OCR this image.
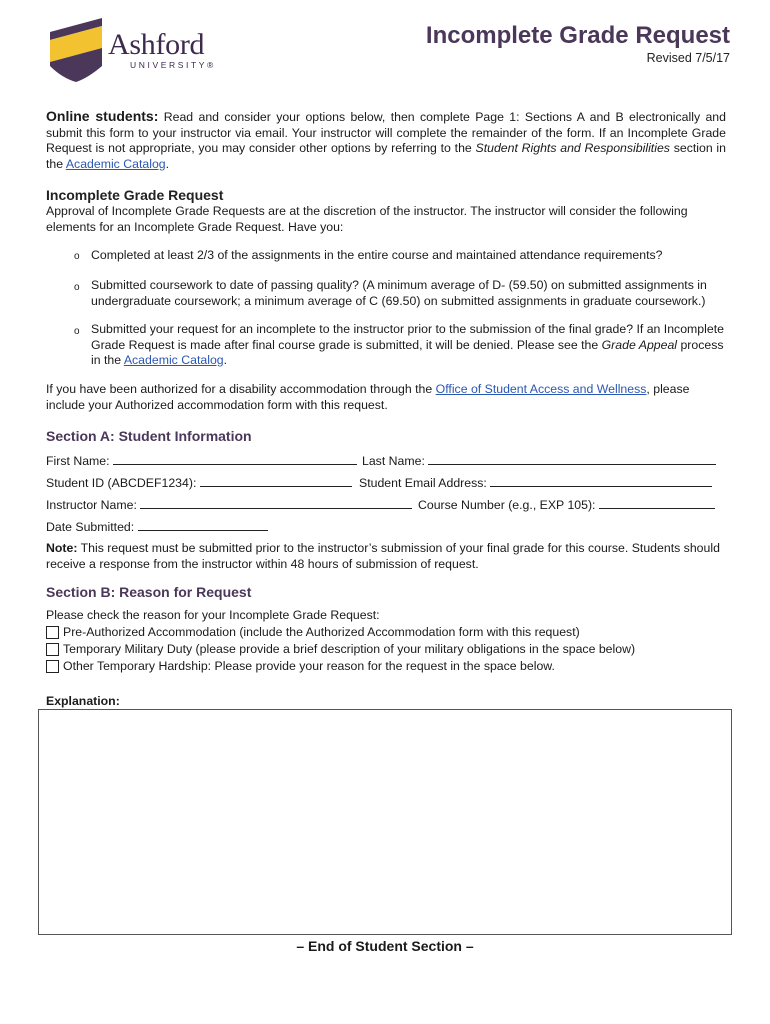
Ashford
UNIVERSITY®
Incomplete Grade Request
Revised 7/5/17
Online students: Read and consider your options below, then complete Page 1: Sections A and B electronically and submit this form to your instructor via email. Your instructor will complete the remainder of the form. If an Incomplete Grade Request is not appropriate, you may consider other options by referring to the Student Rights and Responsibilities section in the Academic Catalog.
Incomplete Grade Request
Approval of Incomplete Grade Requests are at the discretion of the instructor. The instructor will consider the following elements for an Incomplete Grade Request. Have you:
o Completed at least 2/3 of the assignments in the entire course and maintained attendance requirements?
o Submitted coursework to date of passing quality? (A minimum average of D- (59.50) on submitted assignments in undergraduate coursework; a minimum average of C (69.50) on submitted assignments in graduate coursework.)
o Submitted your request for an incomplete to the instructor prior to the submission of the final grade? If an Incomplete Grade Request is made after final course grade is submitted, it will be denied. Please see the Grade Appeal process in the Academic Catalog.
If you have been authorized for a disability accommodation through the Office of Student Access and Wellness, please include your Authorized accommodation form with this request.
Section A: Student Information
First Name:	Last Name:
Student ID (ABCDEF1234):	Student Email Address:
Instructor Name:	Course Number (e.g., EXP 105):
Date Submitted:
Note: This request must be submitted prior to the instructor’s submission of your final grade for this course. Students should receive a response from the instructor within 48 hours of submission of request.
Section B: Reason for Request
Please check the reason for your Incomplete Grade Request:
Pre-Authorized Accommodation (include the Authorized Accommodation form with this request)
Temporary Military Duty (please provide a brief description of your military obligations in the space below)
Other Temporary Hardship: Please provide your reason for the request in the space below.
Explanation:
– End of Student Section –
